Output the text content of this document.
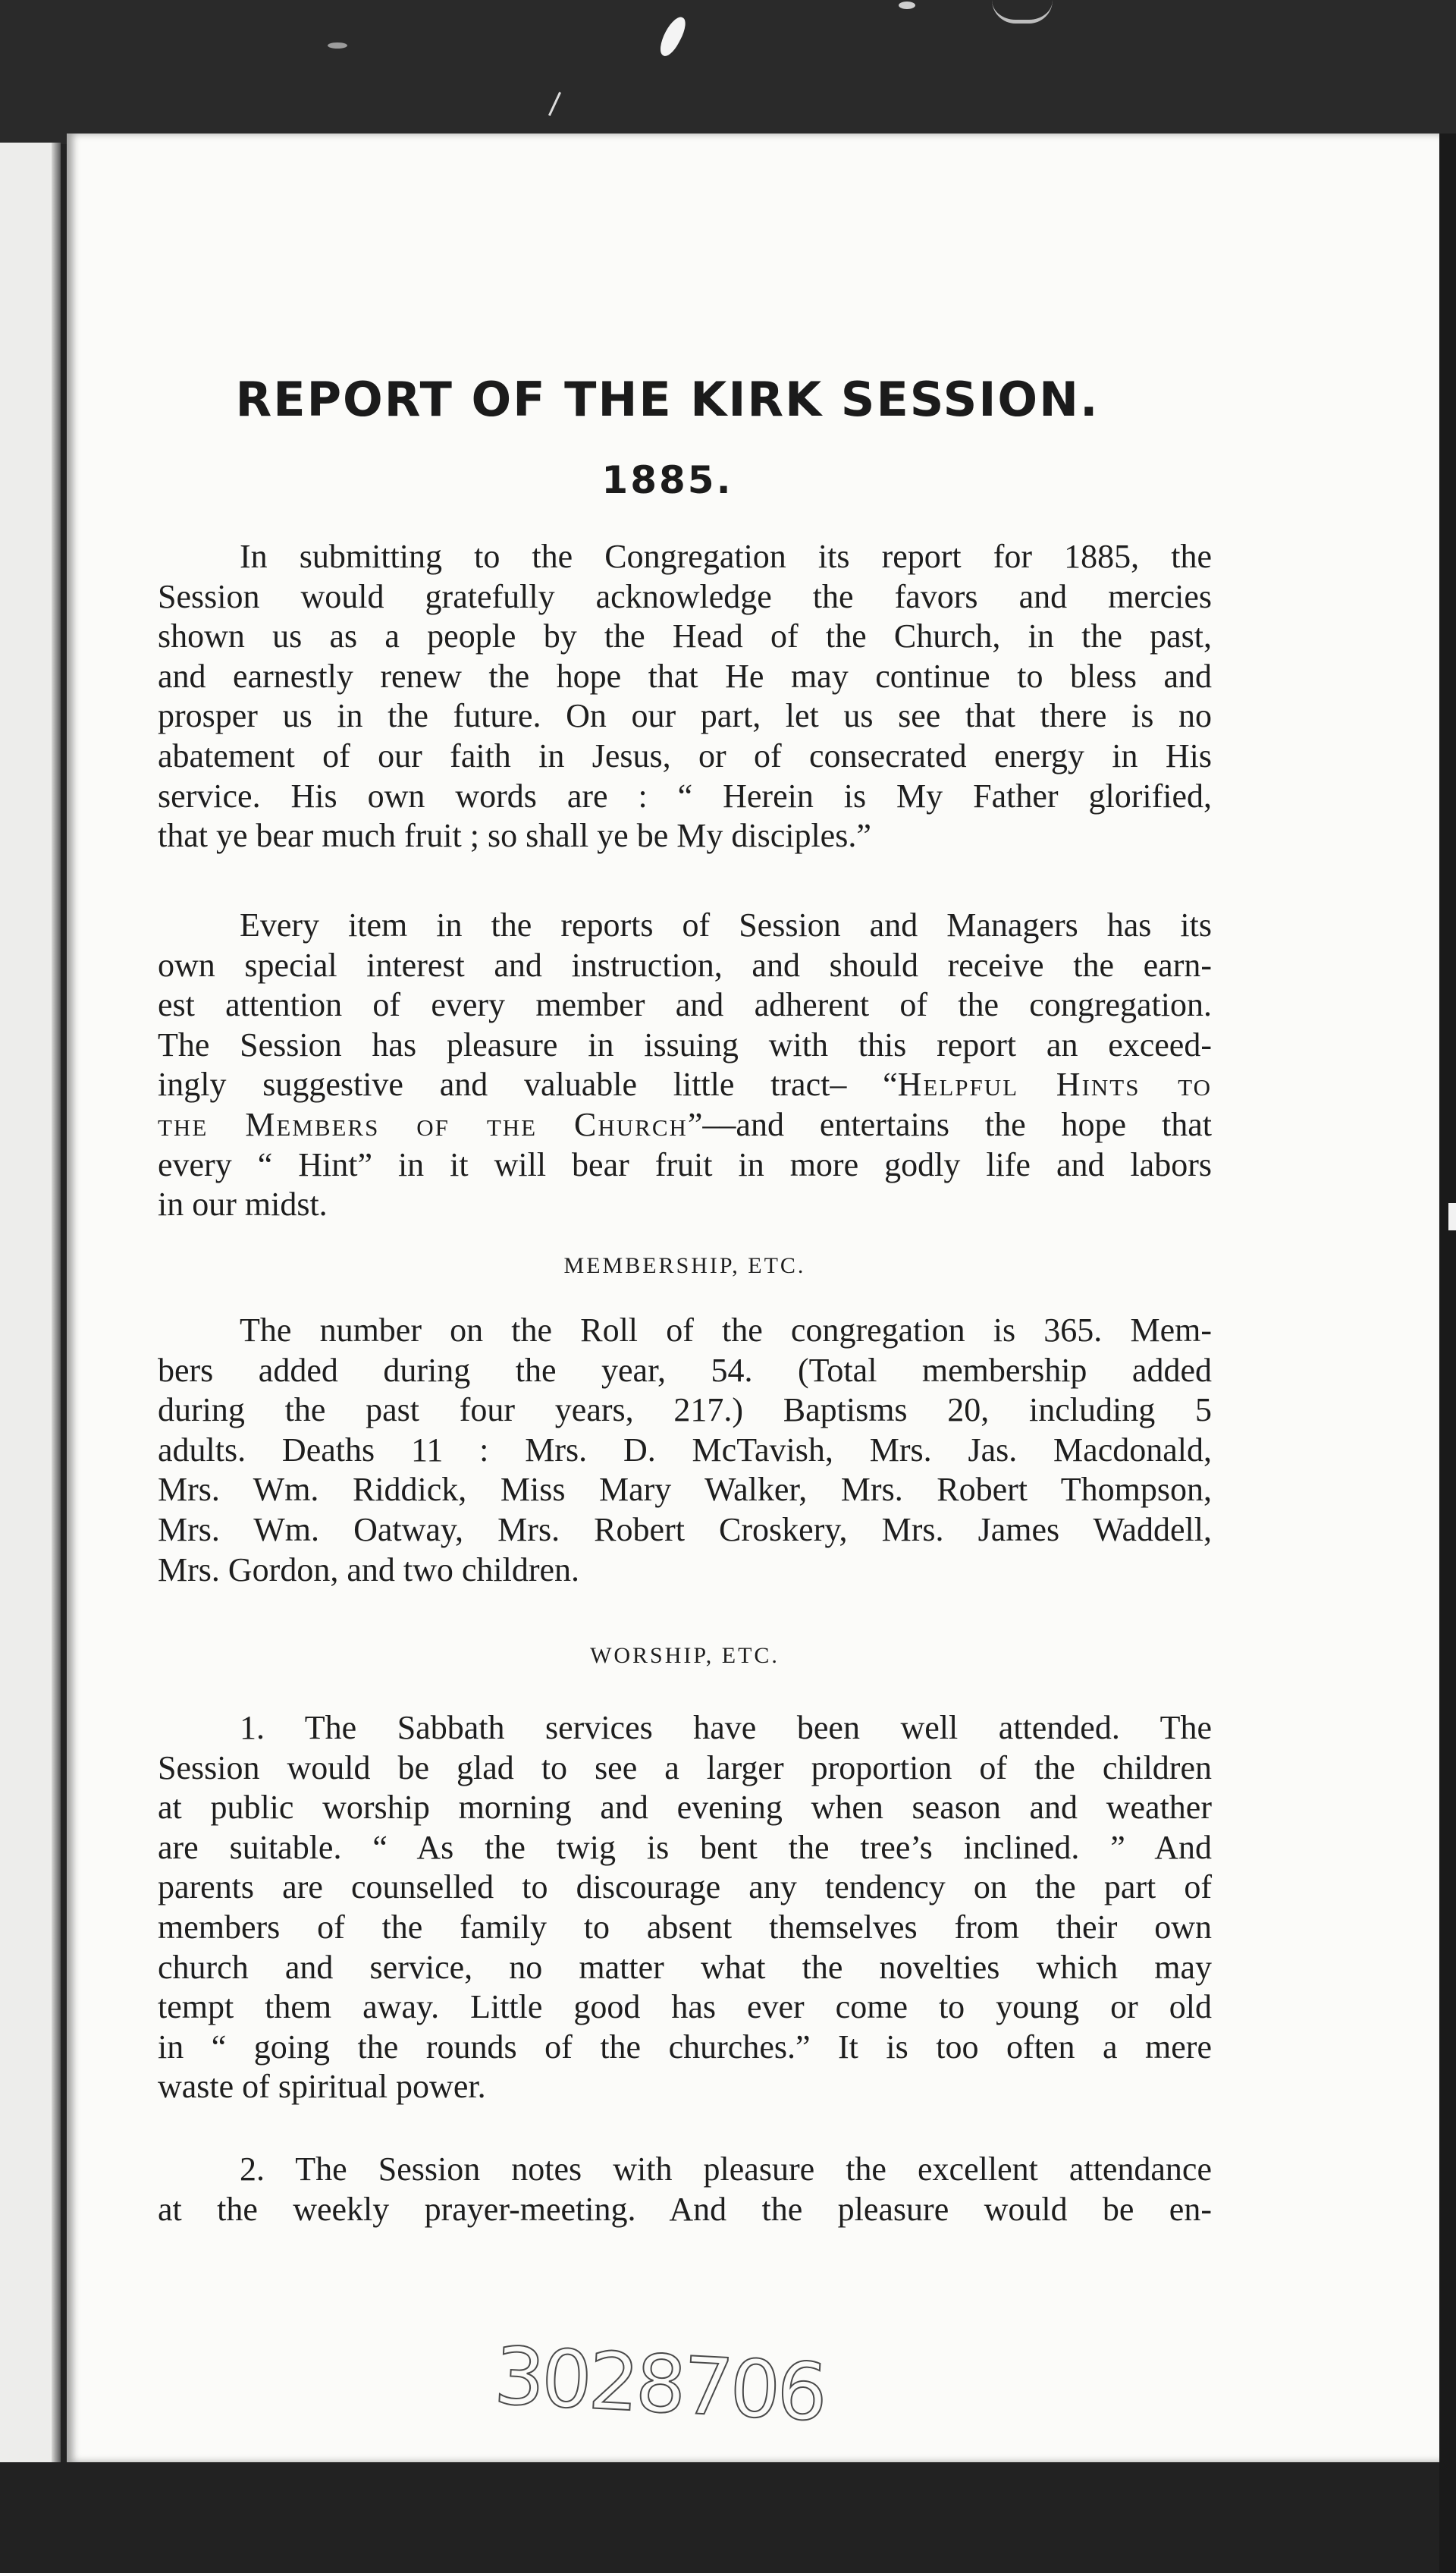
REPORT OF THE KIRK SESSION.
1885.
In submitting to the Congregation its report for 1885, the
Session would gratefully acknowledge the favors and mercies
shown us as a people by the Head of the Church, in the past,
and earnestly renew the hope that He may continue to bless and
prosper us in the future. On our part, let us see that there is no
abatement of our faith in Jesus, or of consecrated energy in His
service. His own words are : “ Herein is My Father glorified,
that ye bear much fruit ; so shall ye be My disciples.”
Every item in the reports of Session and Managers has its
own special interest and instruction, and should receive the earn-
est attention of every member and adherent of the congregation.
The Session has pleasure in issuing with this report an exceed-
ingly suggestive and valuable little tract– “Helpful Hints to
the Members of the Church”––and entertains the hope that
every “ Hint” in it will bear fruit in more godly life and labors
in our midst.
MEMBERSHIP, ETC.
The number on the Roll of the congregation is 365. Mem-
bers added during the year, 54. (Total membership added
during the past four years, 217.) Baptisms 20, including 5
adults. Deaths 11 : Mrs. D. McTavish, Mrs. Jas. Macdonald,
Mrs. Wm. Riddick, Miss Mary Walker, Mrs. Robert Thompson,
Mrs. Wm. Oatway, Mrs. Robert Croskery, Mrs. James Waddell,
Mrs. Gordon, and two children.
WORSHIP, ETC.
1. The Sabbath services have been well attended. The
Session would be glad to see a larger proportion of the children
at public worship morning and evening when season and weather
are suitable. “ As the twig is bent the tree’s inclined. ” And
parents are counselled to discourage any tendency on the part of
members of the family to absent themselves from their own
church and service, no matter what the novelties which may
tempt them away. Little good has ever come to young or old
in “ going the rounds of the churches.” It is too often a mere
waste of spiritual power.
2. The Session notes with pleasure the excellent attendance
at the weekly prayer-meeting. And the pleasure would be en-
3028706
